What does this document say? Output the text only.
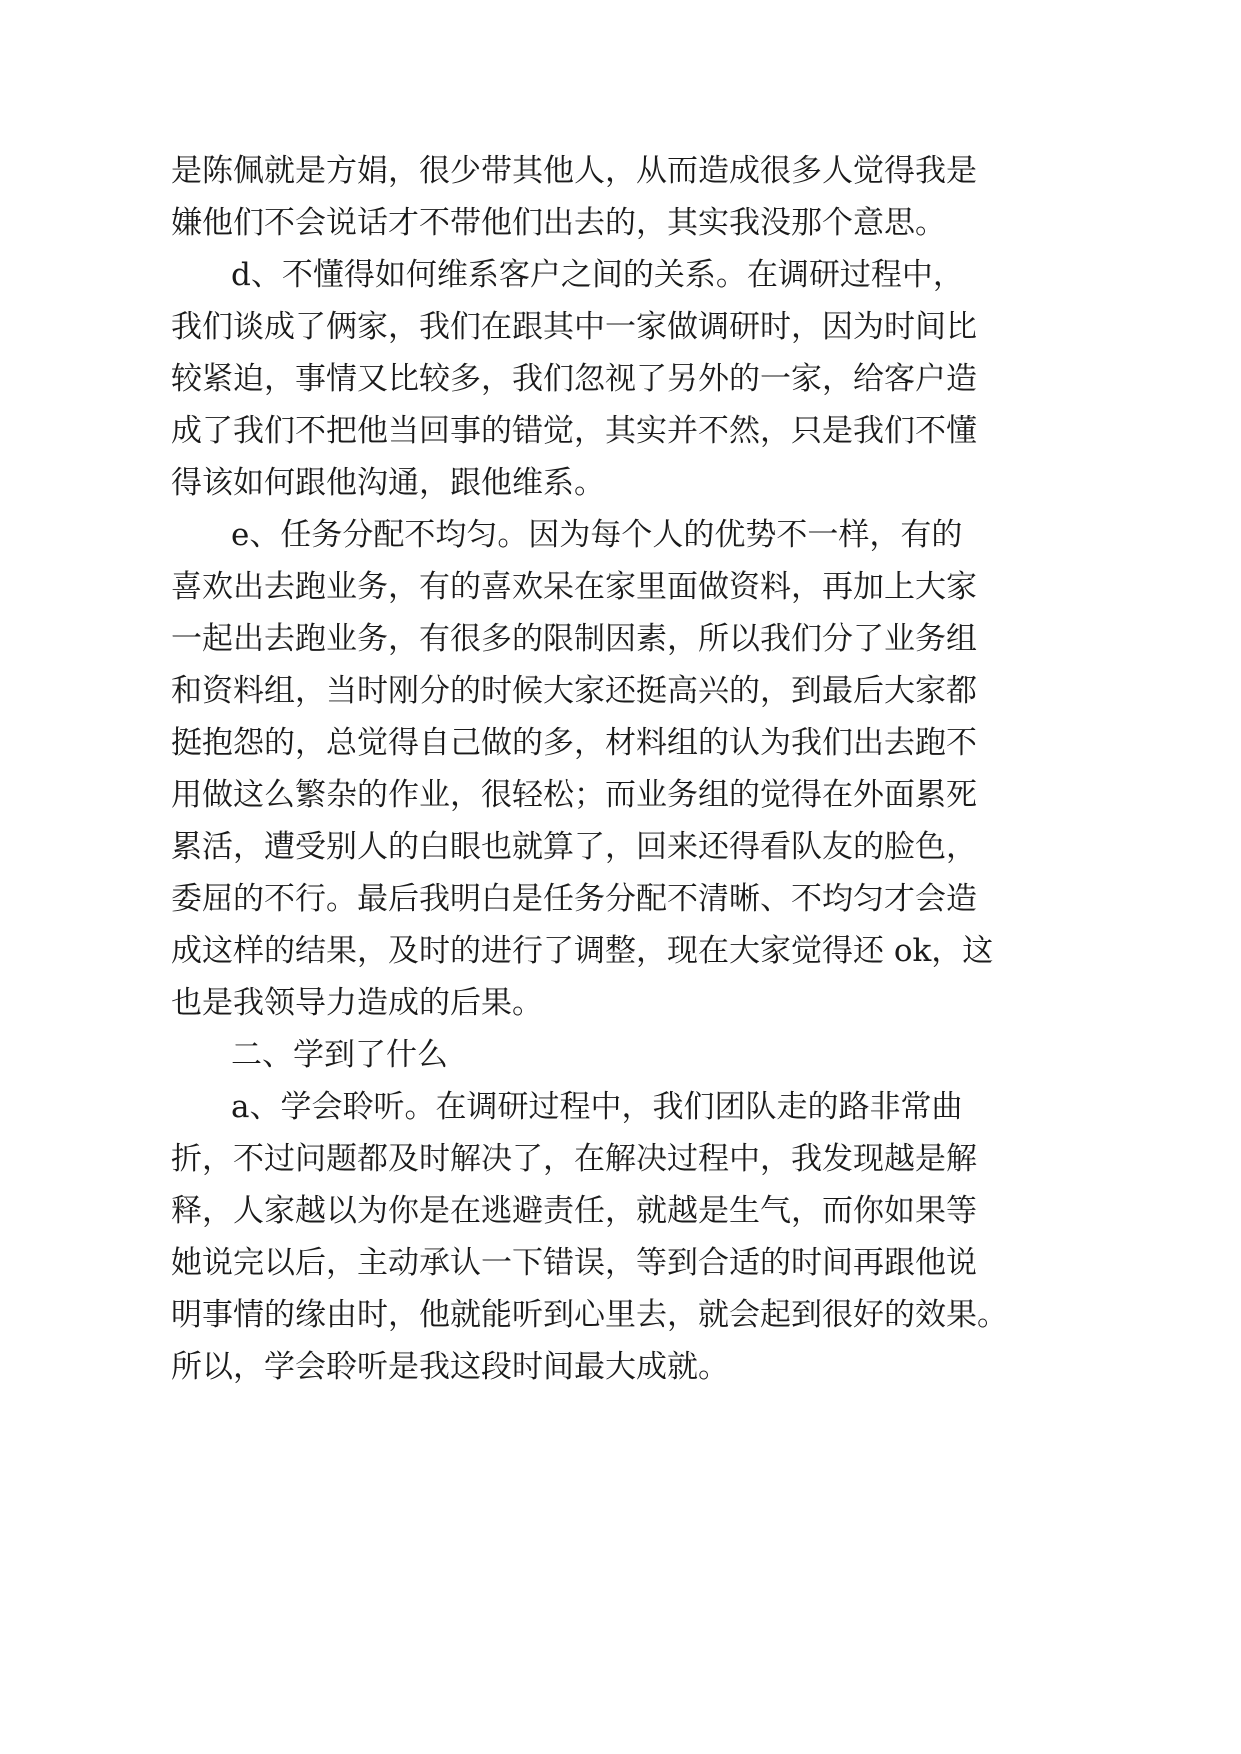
是陈佩就是方娟，很少带其他人，从而造成很多人觉得我是
嫌他们不会说话才不带他们出去的，其实我没那个意思。
d、不懂得如何维系客户之间的关系。在调研过程中，
我们谈成了俩家，我们在跟其中一家做调研时，因为时间比
较紧迫，事情又比较多，我们忽视了另外的一家，给客户造
成了我们不把他当回事的错觉，其实并不然，只是我们不懂
得该如何跟他沟通，跟他维系。
e、任务分配不均匀。因为每个人的优势不一样，有的
喜欢出去跑业务，有的喜欢呆在家里面做资料，再加上大家
一起出去跑业务，有很多的限制因素，所以我们分了业务组
和资料组，当时刚分的时候大家还挺高兴的，到最后大家都
挺抱怨的，总觉得自己做的多，材料组的认为我们出去跑不
用做这么繁杂的作业，很轻松；而业务组的觉得在外面累死
累活，遭受别人的白眼也就算了，回来还得看队友的脸色，
委屈的不行。最后我明白是任务分配不清晰、不均匀才会造
成这样的结果，及时的进行了调整，现在大家觉得还 ok，这
也是我领导力造成的后果。
二、学到了什么
a、学会聆听。在调研过程中，我们团队走的路非常曲
折，不过问题都及时解决了，在解决过程中，我发现越是解
释，人家越以为你是在逃避责任，就越是生气，而你如果等
她说完以后，主动承认一下错误，等到合适的时间再跟他说
明事情的缘由时，他就能听到心里去，就会起到很好的效果。
所以，学会聆听是我这段时间最大成就。
